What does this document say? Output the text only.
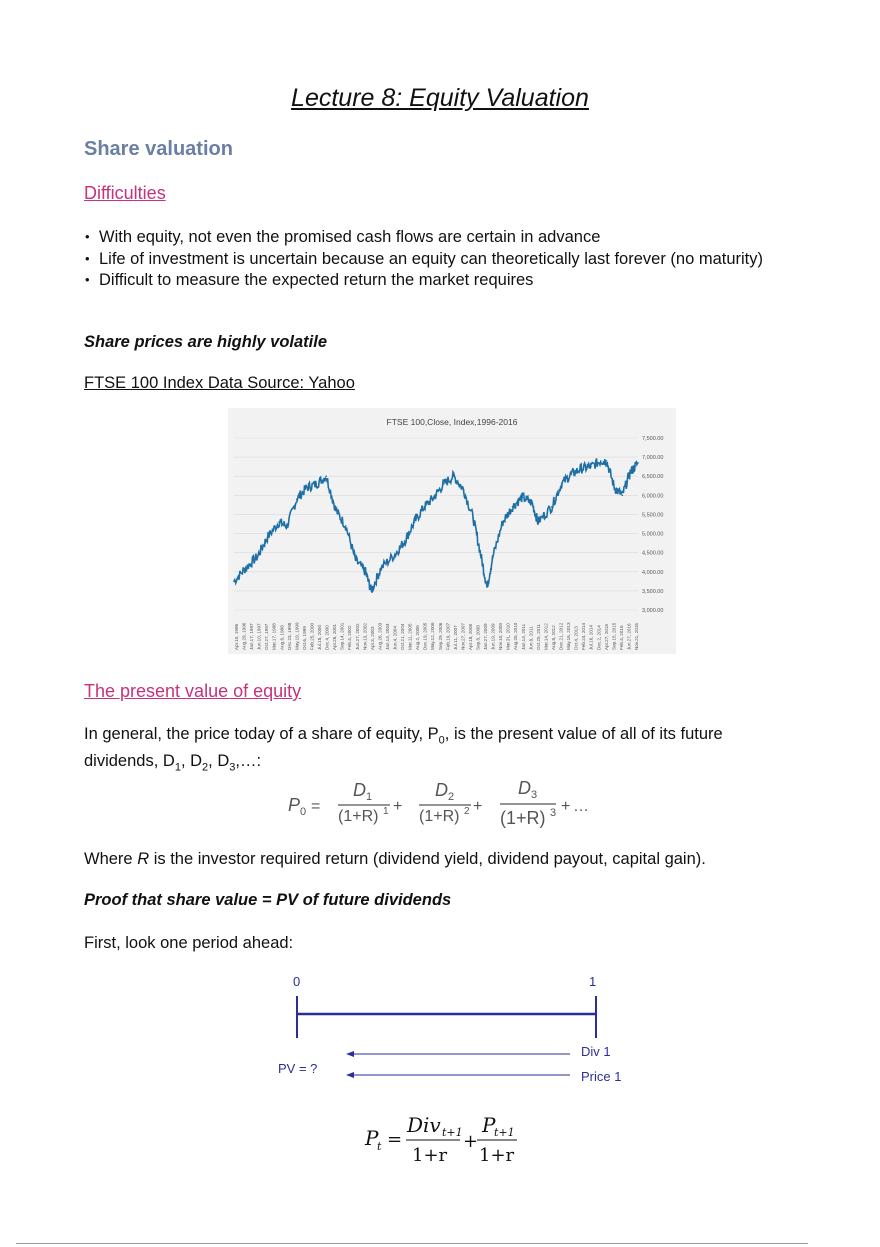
Lecture 8: Equity Valuation
Share valuation
Difficulties
• With equity, not even the promised cash flows are certain in advance
• Life of investment is uncertain because an equity can theoretically last forever (no maturity)
• Difficult to measure the expected return the market requires
Share prices are highly volatile
FTSE 100 Index Data Source: Yahoo
FTSE 100,Close, Index,1996-2016
7,500.00
7,000.00
6,500.00
6,000.00
5,500.00
5,000.00
4,500.00
4,000.00
3,500.00
3,000.00
Apr.10, 1996 Aug.29, 1996 Jan.17, 1997 Jun.10, 1997 Oct.27, 1997 Mar.17, 1998 Aug.6, 1998 Dec.23, 1998 May.19, 1999 Oct.6, 1999 Feb.25, 2000 Jul.18, 2000 Dec.4, 2000 Apr.26, 2001 Sep.14, 2001 Feb.4, 2002 Jun.27, 2002 Nov.13, 2002 Apr.3, 2003 Aug.26, 2003 Jan.14, 2004 Jun.4, 2004 Oct.21, 2004 Mar.11, 2005 Aug.2, 2005 Dec.19, 2005 May.12, 2006 Sep.29, 2006 Feb.19, 2007 Jul.11, 2007 Nov.27, 2007 Apr.18, 2008 Sep.8, 2008 Jan.27, 2009 Jun.19, 2009 Nov.10, 2009 Mar.31, 2010 Aug.25, 2010 Jan.14, 2011 Jun.8, 2011 Oct.25, 2011 Mar.14, 2012 Aug.8, 2012 Dec.21, 2012 May.16, 2013 Oct.4, 2013 Feb.24, 2014 Jul.16, 2014 Dec.2, 2014 Apr.27, 2015 Sep.15, 2015 Feb.4, 2016 Jun.27, 2016 Nov.21, 2016
The present value of equity
In general, the price today of a share of equity, $P_0$, is the present value of all of its future dividends, $D_1$, $D_2$, $D_3,\dots$:
P 0 =
D 1
(1+R) 1 +
D 2
(1+R) 2 +
D 3
(1+R) 3 + …
Where R is the investor required return (dividend yield, dividend payout, capital gain).
Proof that share value = PV of future dividends
First, look one period ahead:
0	1
Div 1
Price 1
PV = ?
P
t =
Div t+1
1+r
+
P
t+1
1+r
